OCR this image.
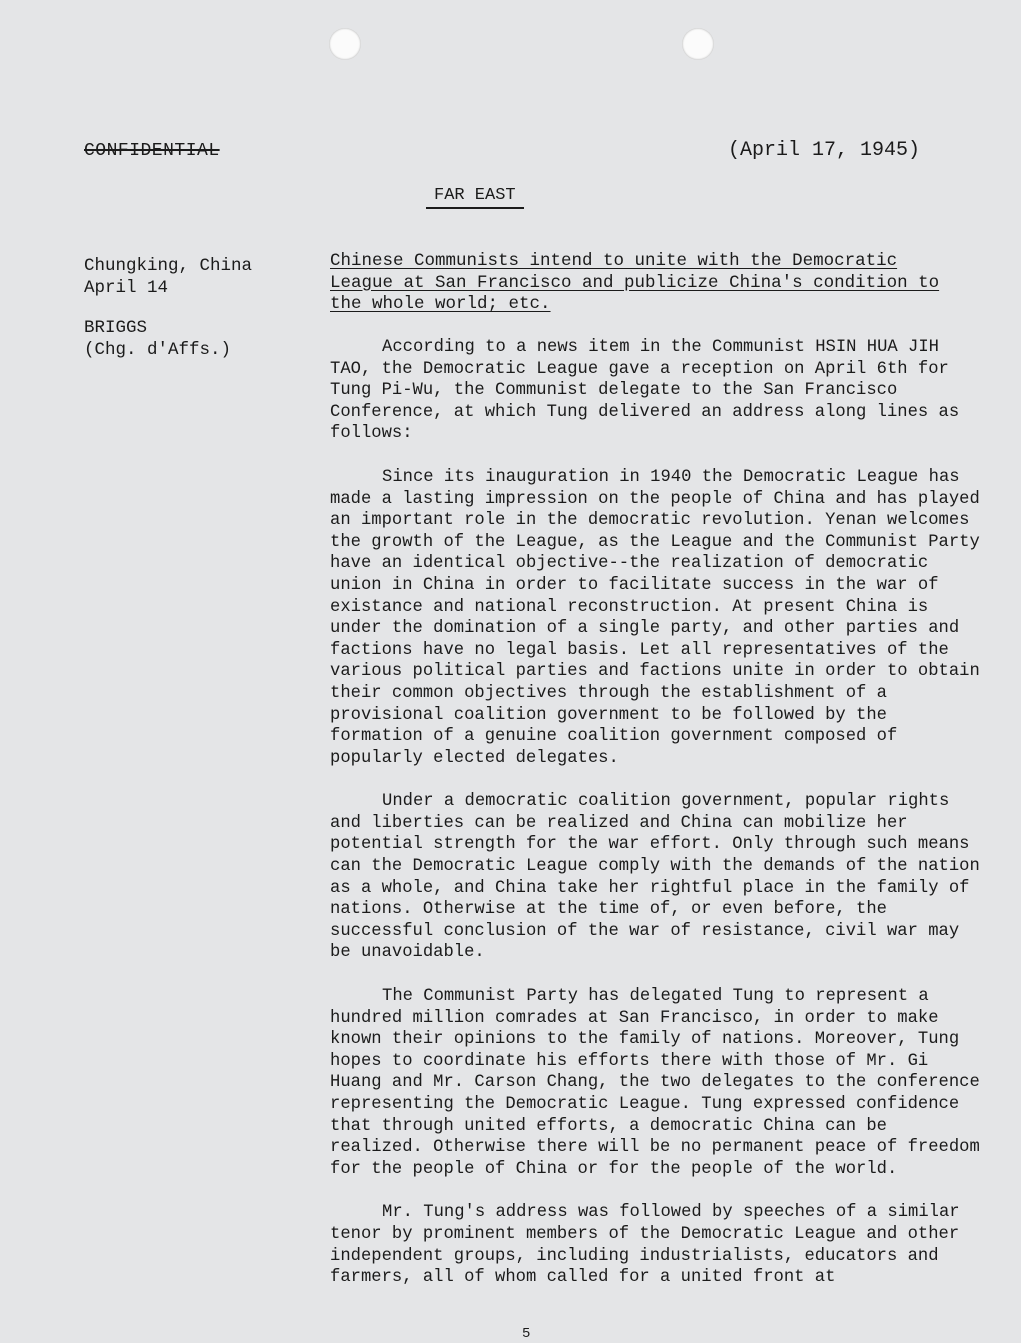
CONFIDENTIAL	(April 17, 1945)
FAR EAST
Chungking, China
April 14
BRIGGS
(Chg. d'Affs.)
Chinese Communists intend to unite with the Democratic League at San Francisco and publicize China's condition to the whole world; etc.

According to a news item in the Communist HSIN HUA JIH TAO, the Democratic League gave a reception on April 6th for Tung Pi-Wu, the Communist delegate to the San Francisco Conference, at which Tung delivered an address along lines as follows:

Since its inauguration in 1940 the Democratic League has made a lasting impression on the people of China and has played an important role in the democratic revolution. Yenan welcomes the growth of the League, as the League and the Communist Party have an identical objective--the realization of democratic union in China in order to facilitate success in the war of existance and national reconstruction. At present China is under the domination of a single party, and other parties and factions have no legal basis. Let all representatives of the various political parties and factions unite in order to obtain their common objectives through the establishment of a provisional coalition government to be followed by the formation of a genuine coalition government composed of popularly elected delegates.

Under a democratic coalition government, popular rights and liberties can be realized and China can mobilize her potential strength for the war effort. Only through such means can the Democratic League comply with the demands of the nation as a whole, and China take her rightful place in the family of nations. Otherwise at the time of, or even before, the successful conclusion of the war of resistance, civil war may be unavoidable.

The Communist Party has delegated Tung to represent a hundred million comrades at San Francisco, in order to make known their opinions to the family of nations. Moreover, Tung hopes to coordinate his efforts there with those of Mr. Gi Huang and Mr. Carson Chang, the two delegates to the conference representing the Democratic League. Tung expressed confidence that through united efforts, a democratic China can be realized. Otherwise there will be no permanent peace of freedom for the people of China or for the people of the world.

Mr. Tung's address was followed by speeches of a similar tenor by prominent members of the Democratic League and other independent groups, including industrialists, educators and farmers, all of whom called for a united front at

5
